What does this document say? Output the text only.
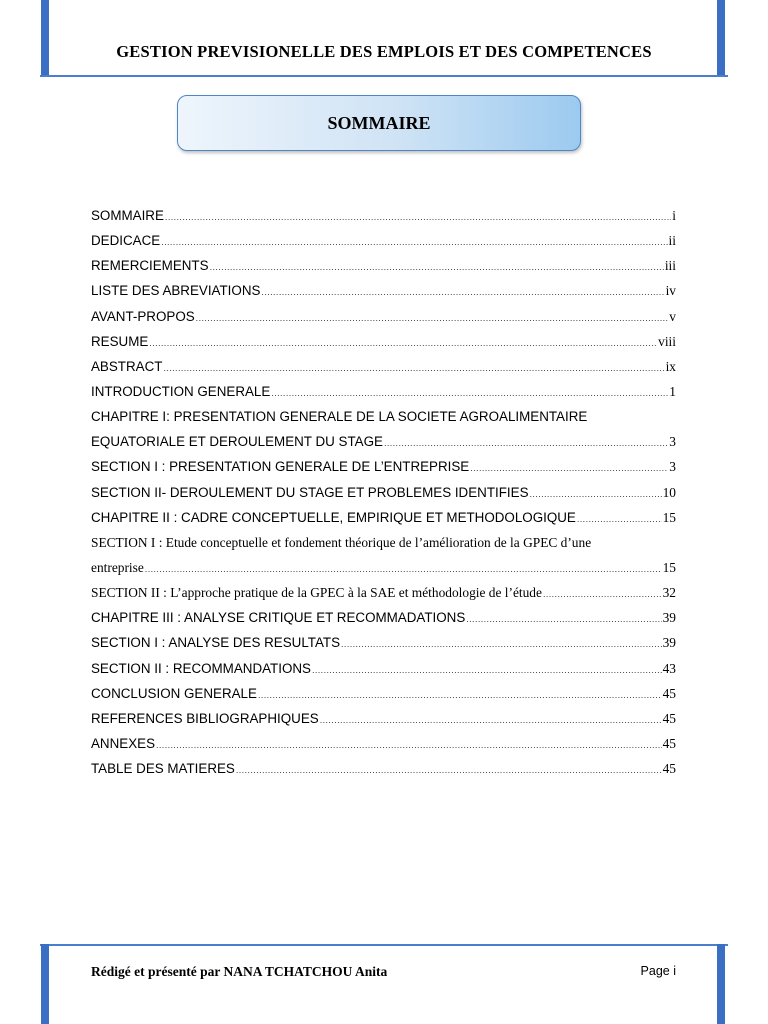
GESTION PREVISIONELLE DES EMPLOIS ET DES COMPETENCES
SOMMAIRE
SOMMAIRE .....	i
DEDICACE .....	ii
REMERCIEMENTS .....	iii
LISTE DES ABREVIATIONS .....	iv
AVANT-PROPOS .....	v
RESUME .....	viii
ABSTRACT .....	ix
INTRODUCTION GENERALE .....	1
CHAPITRE I: PRESENTATION GENERALE DE LA SOCIETE AGROALIMENTAIRE
EQUATORIALE ET DEROULEMENT DU STAGE .....	3
SECTION I : PRESENTATION GENERALE DE L’ENTREPRISE .....	3
SECTION II- DEROULEMENT DU STAGE ET PROBLEMES IDENTIFIES .....	10
CHAPITRE II : CADRE CONCEPTUELLE, EMPIRIQUE ET METHODOLOGIQUE .....	15
SECTION I : Etude conceptuelle et fondement théorique de l’amélioration de la GPEC d’une
entreprise .....	15
SECTION II : L’approche pratique de la GPEC à la SAE et méthodologie de l’étude .....	32
CHAPITRE III : ANALYSE CRITIQUE ET RECOMMADATIONS .....	39
SECTION I : ANALYSE DES RESULTATS .....	39
SECTION II : RECOMMANDATIONS .....	43
CONCLUSION GENERALE .....	45
REFERENCES BIBLIOGRAPHIQUES .....	45
ANNEXES .....	45
TABLE DES MATIERES .....	45
Rédigé et présenté par NANA TCHATCHOU Anita	Page i
